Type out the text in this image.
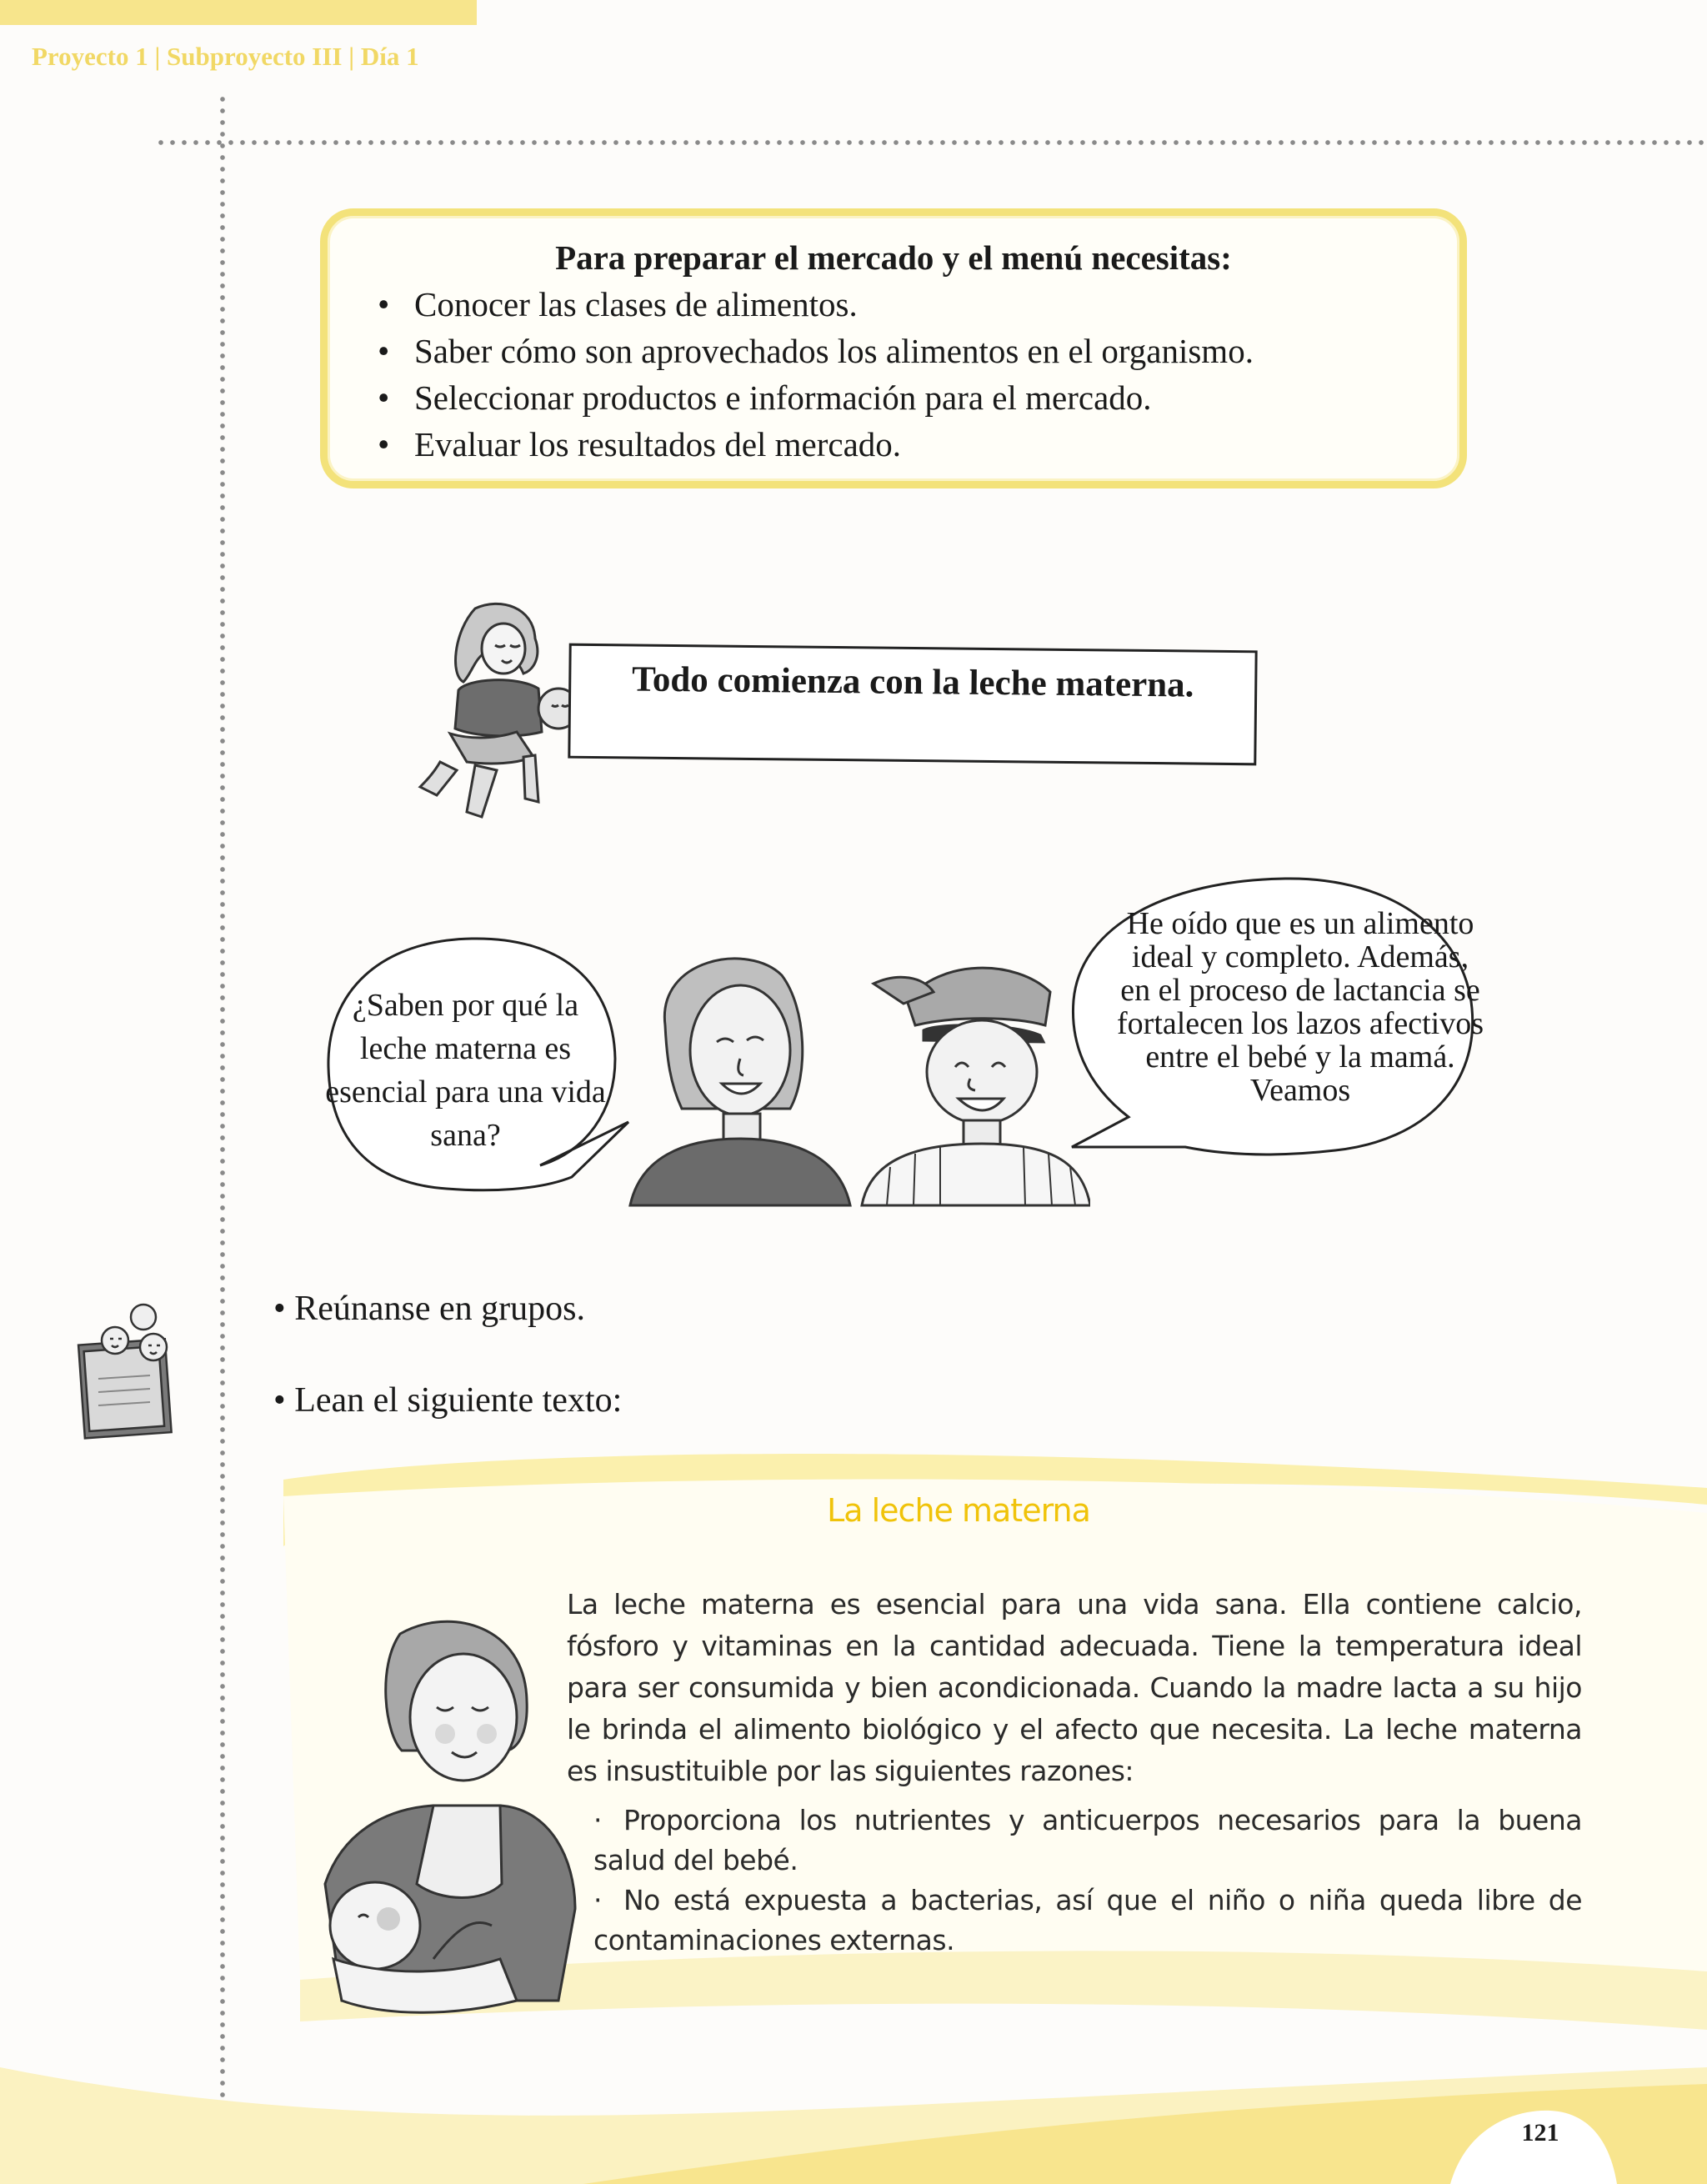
Proyecto 1 | Subproyecto III | Día 1
Para preparar el mercado y el menú necesitas:
• Conocer las clases de alimentos.
• Saber cómo son aprovechados los alimentos en el organismo.
• Seleccionar productos e información para el mercado.
• Evaluar los resultados del mercado.
Todo comienza con la leche materna.
¿Saben por qué la leche materna es esencial para una vida sana?
He oído que es un alimento ideal y completo. Además, en el proceso de lactancia se fortalecen los lazos afectivos entre el bebé y la mamá. Veamos
• Reúnanse en grupos.
• Lean el siguiente texto:
La leche materna
La leche materna es esencial para una vida sana. Ella contiene calcio, fósforo y vitaminas en la cantidad adecuada. Tiene la temperatura ideal para ser consumida y bien acondicionada. Cuando la madre lacta a su hijo le brinda el alimento biológico y el afecto que necesita. La leche materna es insustituible por las siguientes razones:
· Proporciona los nutrientes y anticuerpos necesarios para la buena salud del bebé.
· No está expuesta a bacterias, así que el niño o niña queda libre de contaminaciones externas.
121
